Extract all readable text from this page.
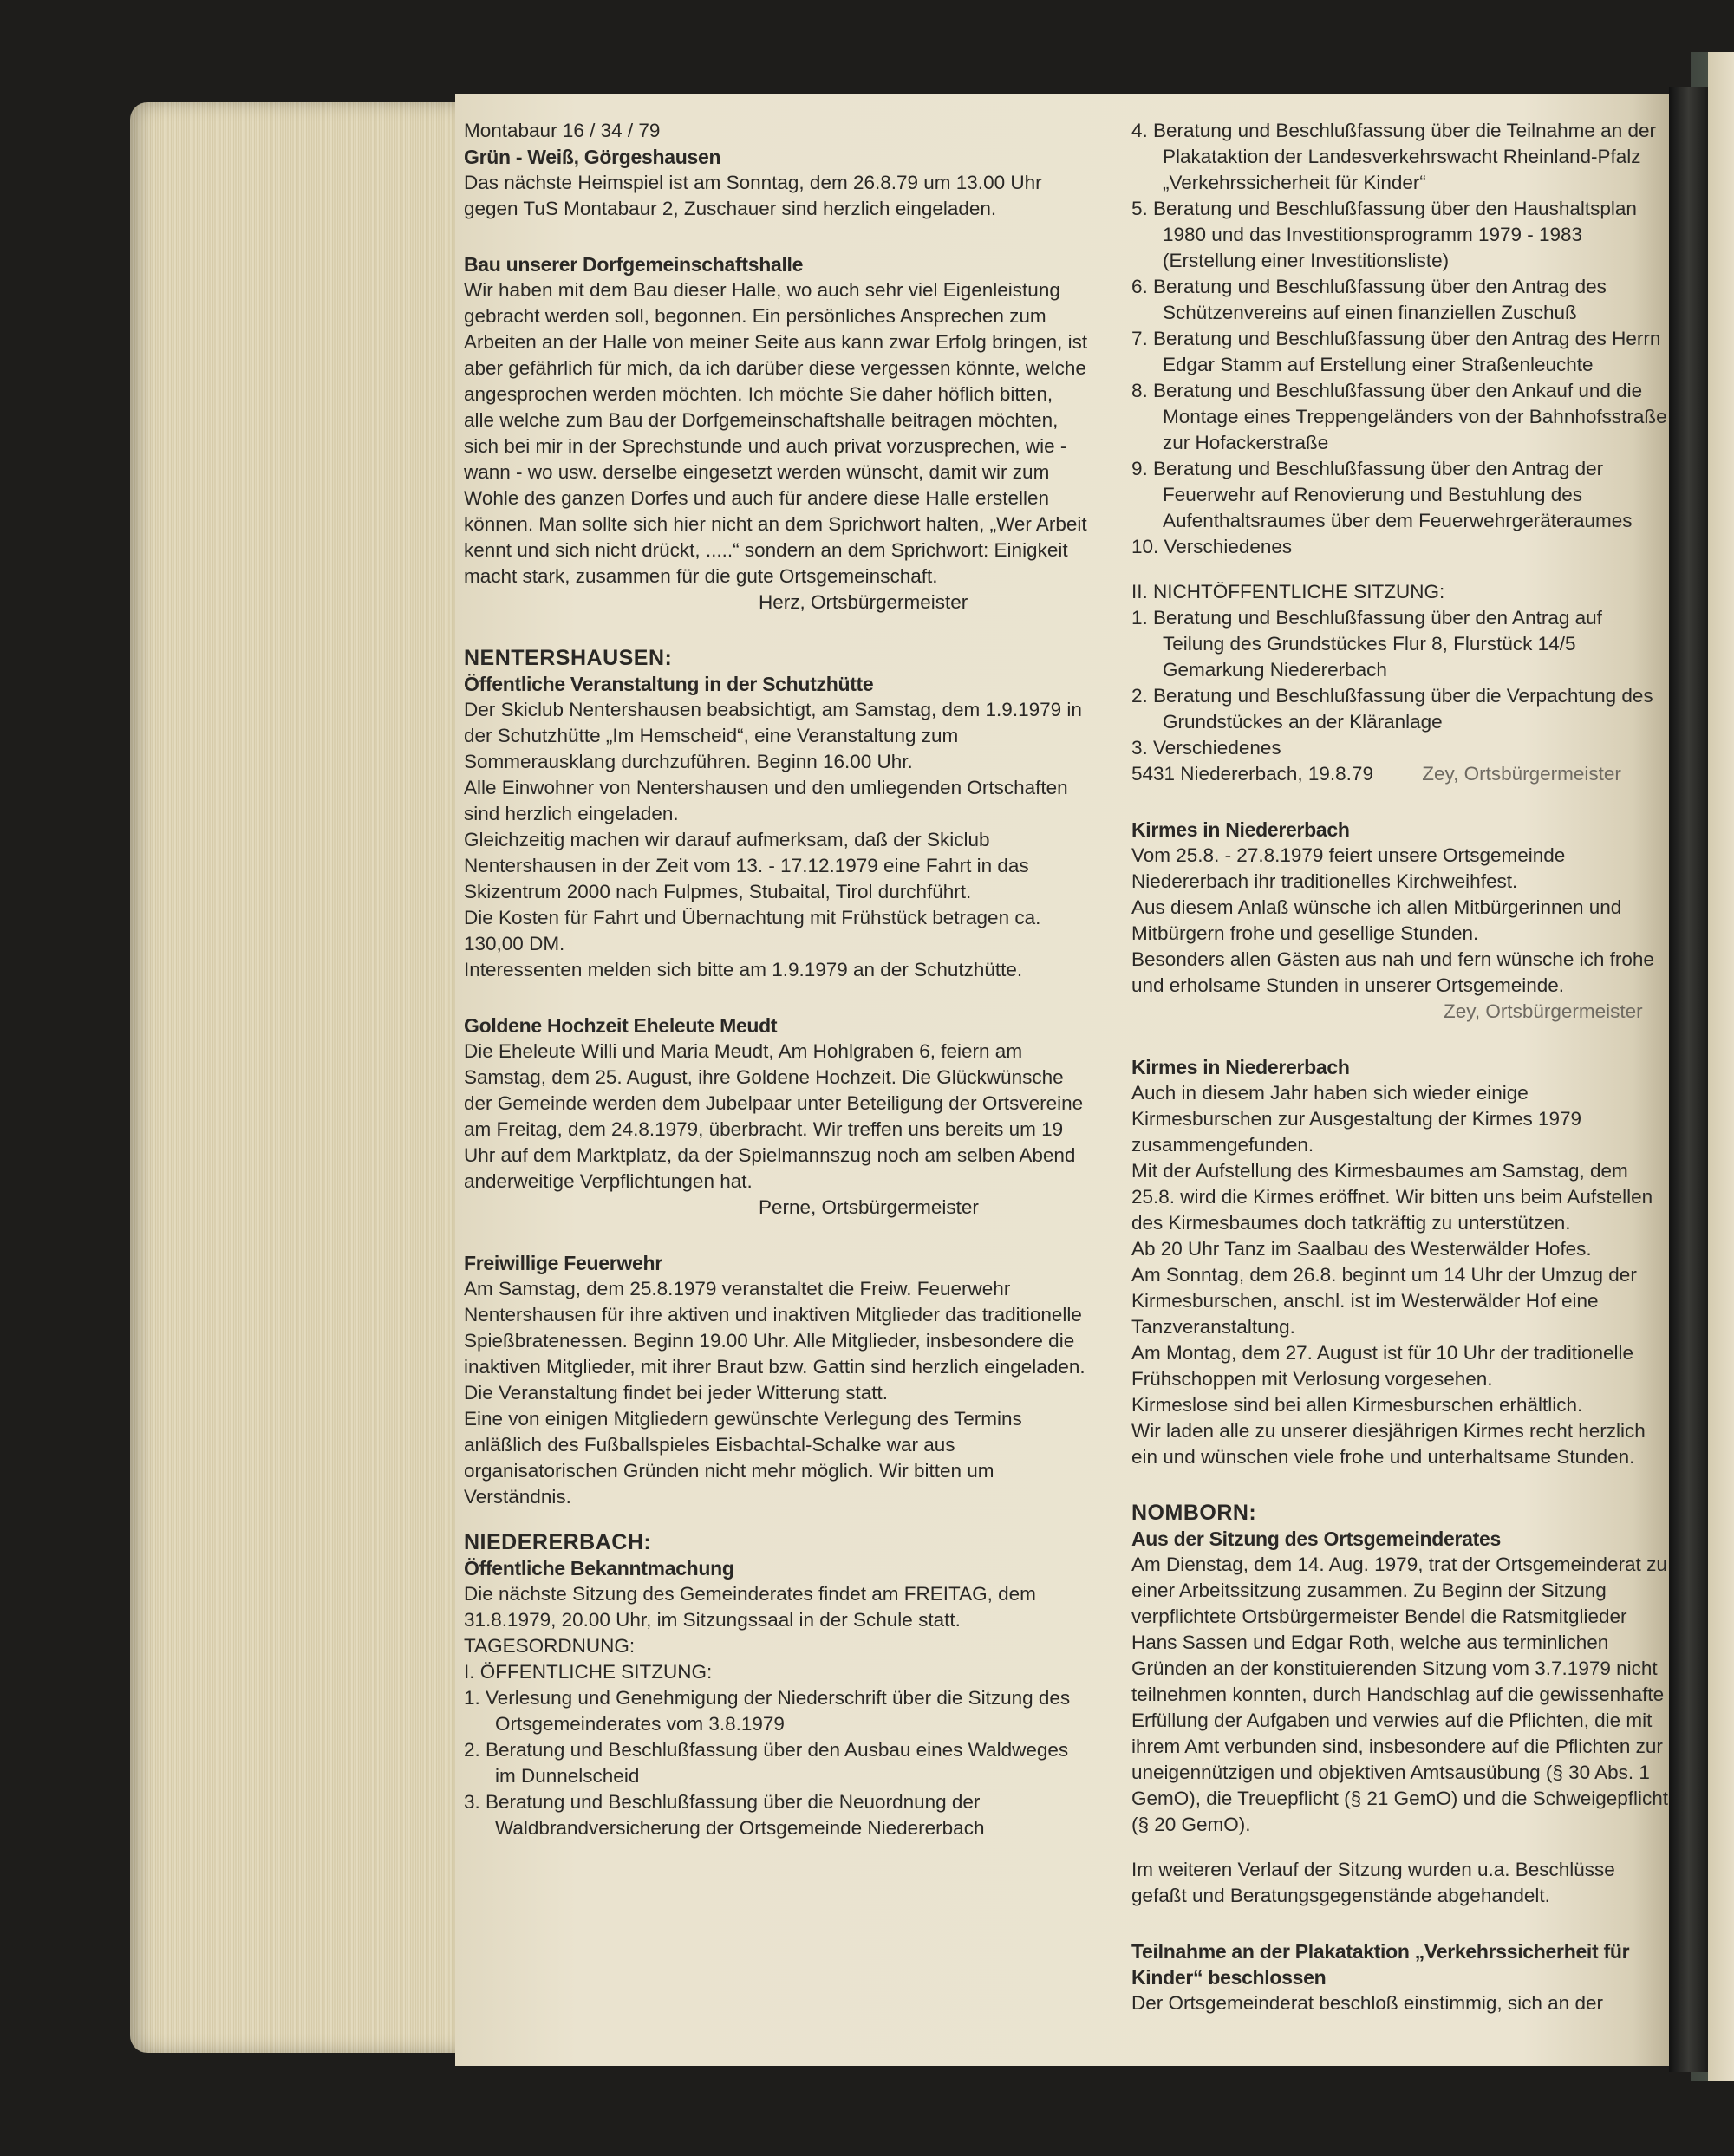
Montabaur 16 / 34 / 79
Grün - Weiß, Görgeshausen
Das nächste Heimspiel ist am Sonntag, dem 26.8.79 um 13.00 Uhr gegen TuS Montabaur 2, Zuschauer sind herzlich eingeladen.
Bau unserer Dorfgemeinschaftshalle
Wir haben mit dem Bau dieser Halle, wo auch sehr viel Eigenleistung gebracht werden soll, begonnen. Ein persönliches Ansprechen zum Arbeiten an der Halle von meiner Seite aus kann zwar Erfolg bringen, ist aber gefährlich für mich, da ich darüber diese vergessen könnte, welche angesprochen werden möchten. Ich möchte Sie daher höflich bitten, alle welche zum Bau der Dorfgemeinschaftshalle beitragen möchten, sich bei mir in der Sprechstunde und auch privat vorzusprechen, wie - wann - wo usw. derselbe eingesetzt werden wünscht, damit wir zum Wohle des ganzen Dorfes und auch für andere diese Halle erstellen können. Man sollte sich hier nicht an dem Sprichwort halten, „Wer Arbeit kennt und sich nicht drückt, .....“ sondern an dem Sprichwort: Einigkeit macht stark, zusammen für die gute Ortsgemeinschaft.
Herz, Ortsbürgermeister
NENTERSHAUSEN:
Öffentliche Veranstaltung in der Schutzhütte
Der Skiclub Nentershausen beabsichtigt, am Samstag, dem 1.9.1979 in der Schutzhütte „Im Hemscheid“, eine Veranstaltung zum Sommerausklang durchzuführen. Beginn 16.00 Uhr.
Alle Einwohner von Nentershausen und den umliegenden Ortschaften sind herzlich eingeladen.
Gleichzeitig machen wir darauf aufmerksam, daß der Skiclub Nentershausen in der Zeit vom 13. - 17.12.1979 eine Fahrt in das Skizentrum 2000 nach Fulpmes, Stubaital, Tirol durchführt.
Die Kosten für Fahrt und Übernachtung mit Frühstück betragen ca. 130,00 DM.
Interessenten melden sich bitte am 1.9.1979 an der Schutzhütte.
Goldene Hochzeit Eheleute Meudt
Die Eheleute Willi und Maria Meudt, Am Hohlgraben 6, feiern am Samstag, dem 25. August, ihre Goldene Hochzeit. Die Glückwünsche der Gemeinde werden dem Jubelpaar unter Beteiligung der Ortsvereine am Freitag, dem 24.8.1979, überbracht. Wir treffen uns bereits um 19 Uhr auf dem Marktplatz, da der Spielmannszug noch am selben Abend anderweitige Verpflichtungen hat.
Perne, Ortsbürgermeister
Freiwillige Feuerwehr
Am Samstag, dem 25.8.1979 veranstaltet die Freiw. Feuerwehr Nentershausen für ihre aktiven und inaktiven Mitglieder das traditionelle Spießbratenessen. Beginn 19.00 Uhr. Alle Mitglieder, insbesondere die inaktiven Mitglieder, mit ihrer Braut bzw. Gattin sind herzlich eingeladen. Die Veranstaltung findet bei jeder Witterung statt.
Eine von einigen Mitgliedern gewünschte Verlegung des Termins anläßlich des Fußballspieles Eisbachtal-Schalke war aus organisatorischen Gründen nicht mehr möglich. Wir bitten um Verständnis.
NIEDERERBACH:
Öffentliche Bekanntmachung
Die nächste Sitzung des Gemeinderates findet am FREITAG, dem 31.8.1979, 20.00 Uhr, im Sitzungssaal in der Schule statt.
TAGESORDNUNG:
I. ÖFFENTLICHE SITZUNG:
1. Verlesung und Genehmigung der Niederschrift über die Sitzung des Ortsgemeinderates vom 3.8.1979
2. Beratung und Beschlußfassung über den Ausbau eines Waldweges im Dunnelscheid
3. Beratung und Beschlußfassung über die Neuordnung der Waldbrandversicherung der Ortsgemeinde Niedererbach
4. Beratung und Beschlußfassung über die Teilnahme an der Plakataktion der Landesverkehrswacht Rheinland-Pfalz „Verkehrssicherheit für Kinder“
5. Beratung und Beschlußfassung über den Haushaltsplan 1980 und das Investitionsprogramm 1979 - 1983 (Erstellung einer Investitionsliste)
6. Beratung und Beschlußfassung über den Antrag des Schützenvereins auf einen finanziellen Zuschuß
7. Beratung und Beschlußfassung über den Antrag des Herrn Edgar Stamm auf Erstellung einer Straßenleuchte
8. Beratung und Beschlußfassung über den Ankauf und die Montage eines Treppengeländers von der Bahnhofsstraße zur Hofackerstraße
9. Beratung und Beschlußfassung über den Antrag der Feuerwehr auf Renovierung und Bestuhlung des Aufenthaltsraumes über dem Feuerwehrgeräteraumes
10. Verschiedenes
II. NICHTÖFFENTLICHE SITZUNG:
1. Beratung und Beschlußfassung über den Antrag auf Teilung des Grundstückes Flur 8, Flurstück 14/5 Gemarkung Niedererbach
2. Beratung und Beschlußfassung über die Verpachtung des Grundstückes an der Kläranlage
3. Verschiedenes
5431 Niedererbach, 19.8.79	Zey, Ortsbürgermeister
Kirmes in Niedererbach
Vom 25.8. - 27.8.1979 feiert unsere Ortsgemeinde Niedererbach ihr traditionelles Kirchweihfest.
Aus diesem Anlaß wünsche ich allen Mitbürgerinnen und Mitbürgern frohe und gesellige Stunden.
Besonders allen Gästen aus nah und fern wünsche ich frohe und erholsame Stunden in unserer Ortsgemeinde.
Zey, Ortsbürgermeister
Kirmes in Niedererbach
Auch in diesem Jahr haben sich wieder einige Kirmesburschen zur Ausgestaltung der Kirmes 1979 zusammengefunden.
Mit der Aufstellung des Kirmesbaumes am Samstag, dem 25.8. wird die Kirmes eröffnet. Wir bitten uns beim Aufstellen des Kirmesbaumes doch tatkräftig zu unterstützen.
Ab 20 Uhr Tanz im Saalbau des Westerwälder Hofes.
Am Sonntag, dem 26.8. beginnt um 14 Uhr der Umzug der Kirmesburschen, anschl. ist im Westerwälder Hof eine Tanzveranstaltung.
Am Montag, dem 27. August ist für 10 Uhr der traditionelle Frühschoppen mit Verlosung vorgesehen.
Kirmeslose sind bei allen Kirmesburschen erhältlich.
Wir laden alle zu unserer diesjährigen Kirmes recht herzlich ein und wünschen viele frohe und unterhaltsame Stunden.
NOMBORN:
Aus der Sitzung des Ortsgemeinderates
Am Dienstag, dem 14. Aug. 1979, trat der Ortsgemeinderat zu einer Arbeitssitzung zusammen. Zu Beginn der Sitzung verpflichtete Ortsbürgermeister Bendel die Ratsmitglieder Hans Sassen und Edgar Roth, welche aus terminlichen Gründen an der konstituierenden Sitzung vom 3.7.1979 nicht teilnehmen konnten, durch Handschlag auf die gewissenhafte Erfüllung der Aufgaben und verwies auf die Pflichten, die mit ihrem Amt verbunden sind, insbesondere auf die Pflichten zur uneigennützigen und objektiven Amtsausübung (§ 30 Abs. 1 GemO), die Treuepflicht (§ 21 GemO) und die Schweigepflicht (§ 20 GemO).
Im weiteren Verlauf der Sitzung wurden u.a. Beschlüsse gefaßt und Beratungsgegenstände abgehandelt.
Teilnahme an der Plakataktion „Verkehrssicherheit für Kinder“ beschlossen
Der Ortsgemeinderat beschloß einstimmig, sich an der
